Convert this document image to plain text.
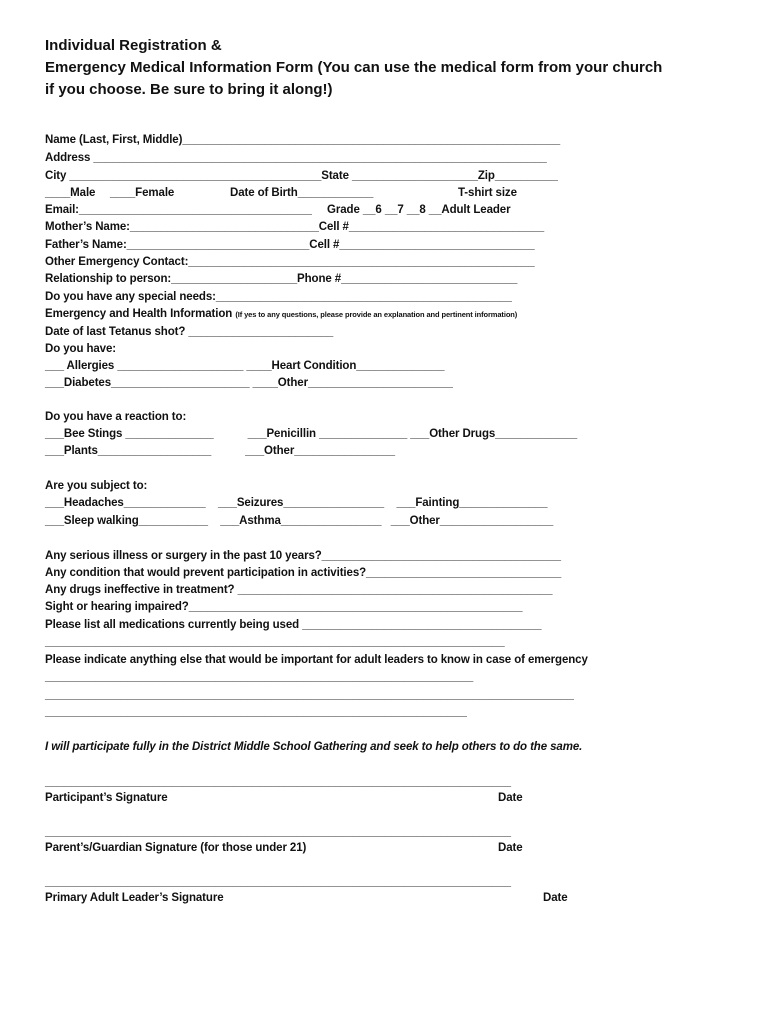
Individual Registration &
Emergency Medical Information Form (You can use the medical form from your church
if you choose. Be sure to bring it along!)
Name (Last, First, Middle)____________________________________________________________
Address ________________________________________________________________________
City ________________________________________State ____________________Zip__________
____Male ____Female	Date of Birth____________	T-shirt size
Email:_____________________________________ Grade __6 __7 __8 __Adult Leader
Mother’s Name:______________________________Cell #_______________________________
Father’s Name:_____________________________Cell #_______________________________
Other Emergency Contact:_______________________________________________________
Relationship to person:____________________Phone #____________________________
Do you have any special needs:_______________________________________________
Emergency and Health Information (If yes to any questions, please provide an explanation and pertinent information)
Date of last Tetanus shot? _______________________
Do you have:
___ Allergies ____________________ ____Heart Condition______________
___Diabetes______________________ ____Other_______________________
Do you have a reaction to:
___Bee Stings ______________           ___Penicillin ______________ ___Other Drugs_____________
___Plants__________________           ___Other________________
Are you subject to:
___Headaches_____________    ___Seizures________________    ___Fainting______________
___Sleep walking___________    ___Asthma________________   ___Other__________________
Any serious illness or surgery in the past 10 years?______________________________________
Any condition that would prevent participation in activities?_______________________________
Any drugs ineffective in treatment? __________________________________________________
Sight or hearing impaired?_____________________________________________________
Please list all medications currently being used ______________________________________
_________________________________________________________________________
Please indicate anything else that would be important for adult leaders to know in case of emergency
____________________________________________________________________
____________________________________________________________________________________
___________________________________________________________________
I will participate fully in the District Middle School Gathering and seek to help others to do the same.
__________________________________________________________________________
Participant’s Signature	Date
__________________________________________________________________________
Parent’s/Guardian Signature (for those under 21)	Date
__________________________________________________________________________
Primary Adult Leader’s Signature	Date
